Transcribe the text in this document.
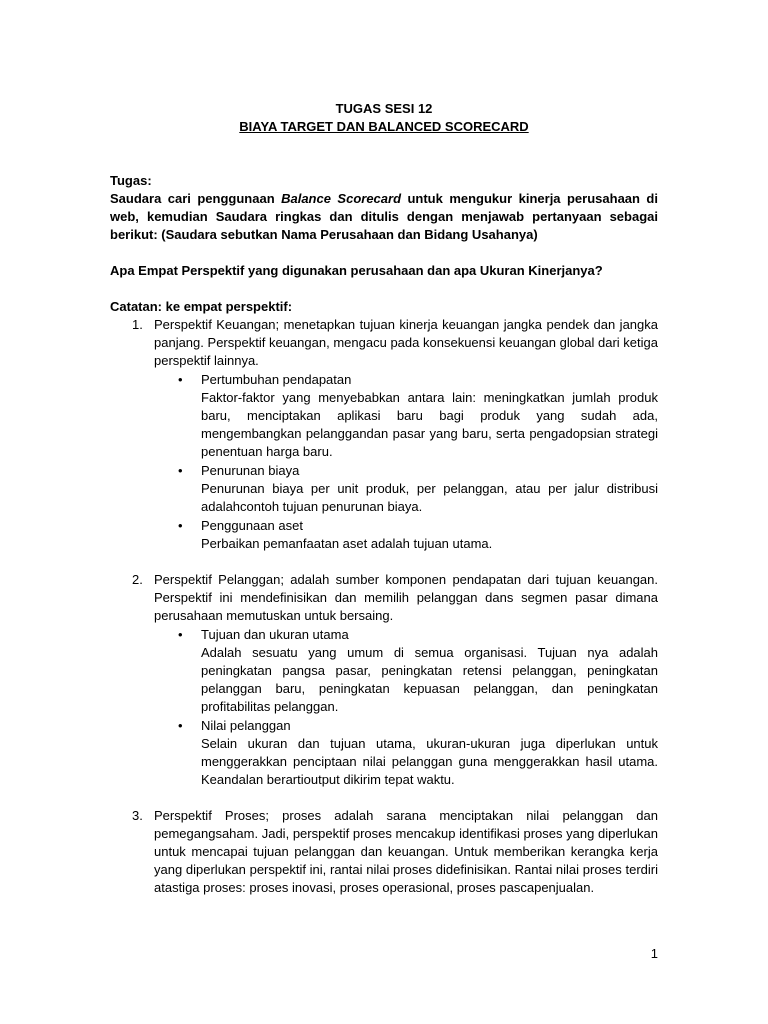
TUGAS SESI 12
BIAYA TARGET DAN BALANCED SCORECARD
Tugas:
Saudara cari penggunaan Balance Scorecard untuk mengukur kinerja perusahaan di web, kemudian Saudara ringkas dan ditulis dengan menjawab pertanyaan sebagai berikut: (Saudara sebutkan Nama Perusahaan dan Bidang Usahanya)
Apa Empat Perspektif yang digunakan perusahaan dan apa Ukuran Kinerjanya?
Catatan: ke empat perspektif:
1. Perspektif Keuangan; menetapkan tujuan kinerja keuangan jangka pendek dan jangka panjang. Perspektif keuangan, mengacu pada konsekuensi keuangan global dari ketiga perspektif lainnya.
• Pertumbuhan pendapatan
Faktor-faktor yang menyebabkan antara lain: meningkatkan jumlah produk baru, menciptakan aplikasi baru bagi produk yang sudah ada, mengembangkan pelanggandan pasar yang baru, serta pengadopsian strategi penentuan harga baru.
• Penurunan biaya
Penurunan biaya per unit produk, per pelanggan, atau per jalur distribusi adalahcontoh tujuan penurunan biaya.
• Penggunaan aset
Perbaikan pemanfaatan aset adalah tujuan utama.
2. Perspektif Pelanggan; adalah sumber komponen pendapatan dari tujuan keuangan. Perspektif ini mendefinisikan dan memilih pelanggan dans segmen pasar dimana perusahaan memutuskan untuk bersaing.
• Tujuan dan ukuran utama
Adalah sesuatu yang umum di semua organisasi. Tujuan nya adalah peningkatan pangsa pasar, peningkatan retensi pelanggan, peningkatan pelanggan baru, peningkatan kepuasan pelanggan, dan peningkatan profitabilitas pelanggan.
• Nilai pelanggan
Selain ukuran dan tujuan utama, ukuran-ukuran juga diperlukan untuk menggerakkan penciptaan nilai pelanggan guna menggerakkan hasil utama. Keandalan berartioutput dikirim tepat waktu.
3. Perspektif Proses; proses adalah sarana menciptakan nilai pelanggan dan pemegangsaham. Jadi, perspektif proses mencakup identifikasi proses yang diperlukan untuk mencapai tujuan pelanggan dan keuangan. Untuk memberikan kerangka kerja yang diperlukan perspektif ini, rantai nilai proses didefinisikan. Rantai nilai proses terdiri atastiga proses: proses inovasi, proses operasional, proses pascapenjualan.
1
